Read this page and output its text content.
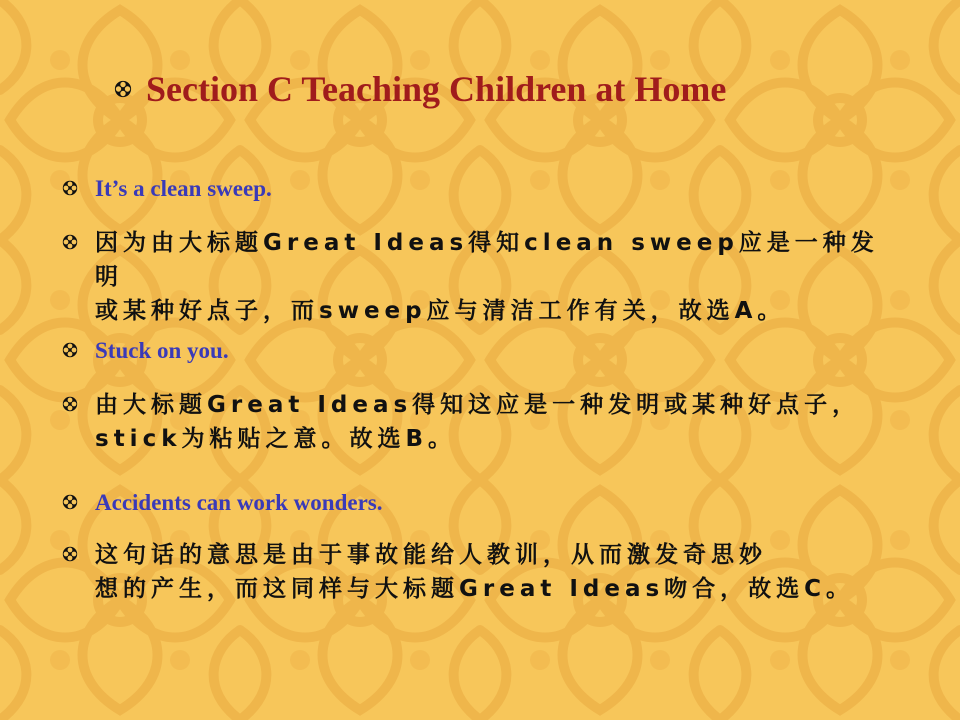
Section C Teaching Children at Home
It’s a clean sweep.
因为由大标题Great Ideas得知clean sweep应是一种发明
或某种好点子，而sweep应与清洁工作有关，故选A。
Stuck on you.
由大标题Great Ideas得知这应是一种发明或某种好点子，
stick为粘贴之意。故选B。
Accidents can work wonders.
这句话的意思是由于事故能给人教训，从而激发奇思妙
想的产生，而这同样与大标题Great Ideas吻合，故选C。
